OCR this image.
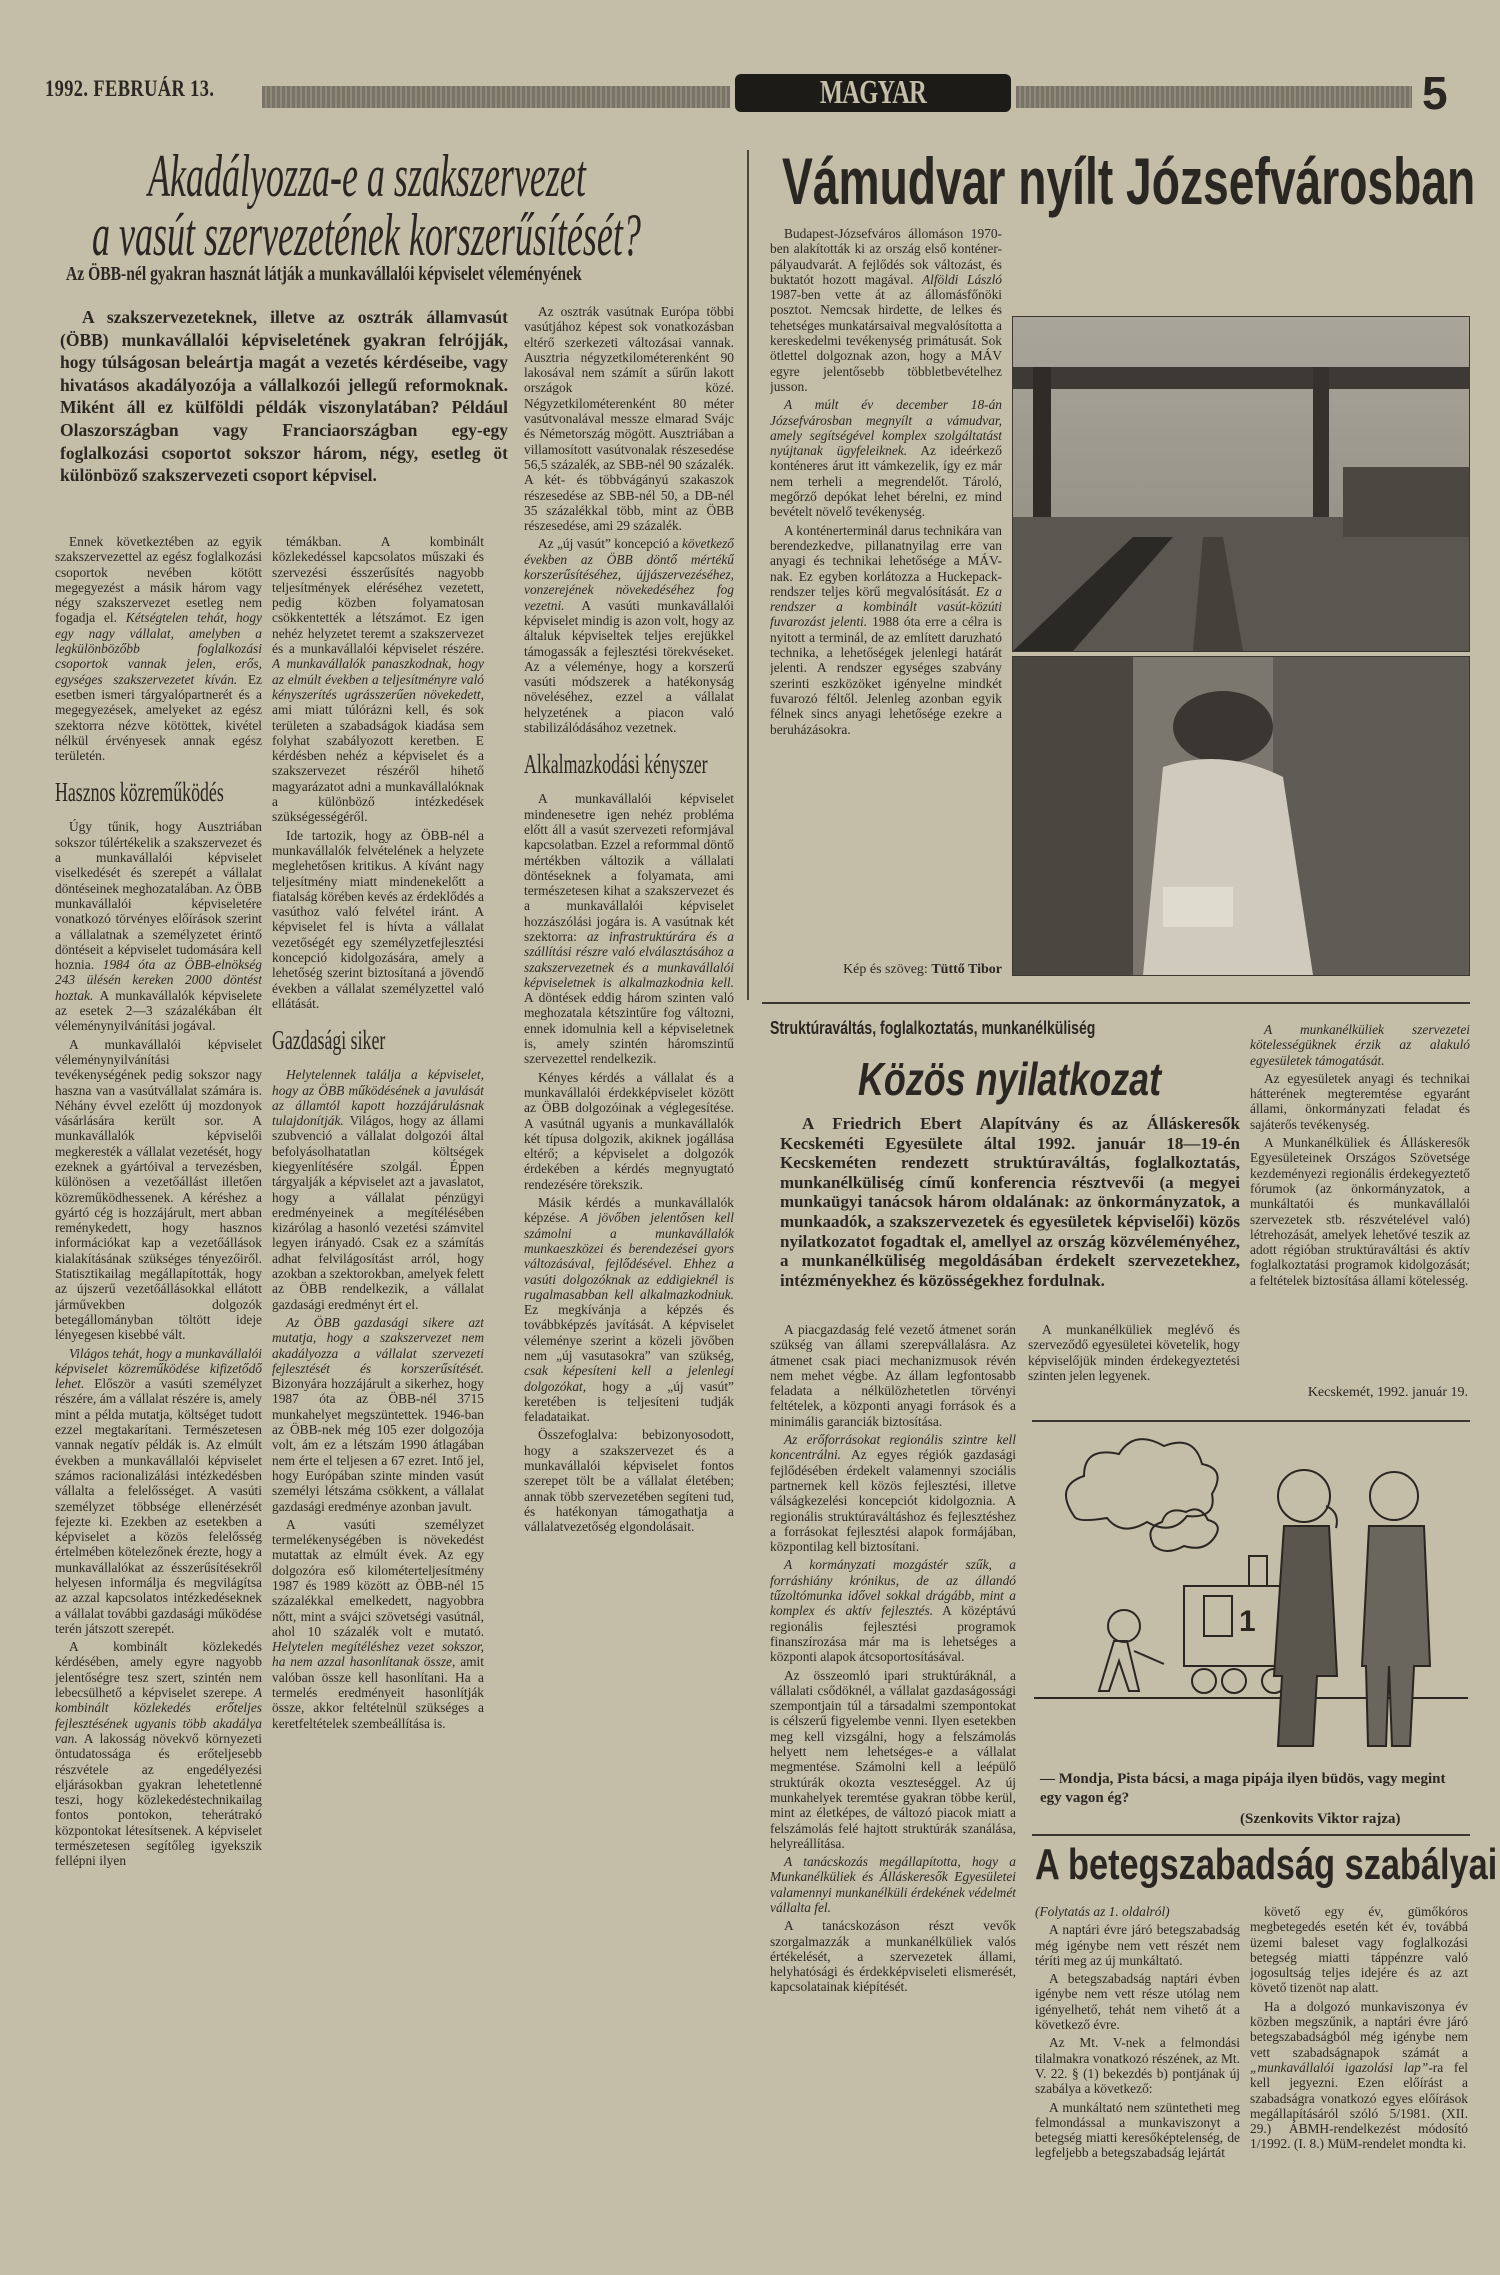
1992. FEBRUÁR 13.	MAGYAR VASUTAS
5
Akadályozza-e a szakszervezet
a vasút szervezetének korszerűsítését?
Az ÖBB-nél gyakran hasznát látják a munkavállalói képviselet véleményének
A szakszervezeteknek, illetve az osztrák államvasút (ÖBB) munkavállalói képviseletének gyakran felrójják, hogy túlságosan beleártja magát a vezetés kérdéseibe, vagy hivatásos akadályozója a vállalkozói jellegű reformoknak. Miként áll ez külföldi példák viszonylatában? Például Olaszországban vagy Franciaországban egy-egy foglalkozási csoportot sokszor három, négy, esetleg öt különböző szakszervezeti csoport képvisel.

Ennek következtében az egyik szakszervezettel az egész foglalkozási csoportok nevében kötött megegyezést a másik három vagy négy szakszervezet esetleg nem fogadja el. Kétségtelen tehát, hogy egy nagy vállalat, amelyben a legkülönbözőbb foglalkozási csoportok vannak jelen, erős, egységes szakszervezetet kíván. Ez esetben ismeri tárgyalópartnerét és a megegyezések, amelyeket az egész szektorra nézve kötöttek, kivétel nélkül érvényesek annak egész területén.

Hasznos közreműködés

Úgy tűnik, hogy Ausztriában sokszor túlértékelik a szakszervezet és a munkavállalói képviselet viselkedését és szerepét a vállalat döntéseinek meghozatalában. Az ÖBB munkavállalói képviseletére vonatkozó törvényes előírások szerint a vállalatnak a személyzetet érintő döntéseit a képviselet tudomására kell hoznia. 1984 óta az ÖBB-elnökség 243 ülésén kereken 2000 döntést hoztak. A munkavállalók képviselete az esetek 2—3 százalékában élt véleménynyilvánítási jogával.

A munkavállalói képviselet véleménynyilvánítási tevékenységének pedig sokszor nagy haszna van a vasútvállalat számára is. Néhány évvel ezelőtt új mozdonyok vásárlására került sor. A munkavállalók képviselői megkeresték a vállalat vezetését, hogy ezeknek a gyártóival a tervezésben, különösen a vezetőállást illetően közreműködhessenek. A kéréshez a gyártó cég is hozzájárult, mert abban reménykedett, hogy hasznos információkat kap a vezetőállások kialakításának szükséges tényezőiről. Statisztikailag megállapították, hogy az újszerű vezetőállásokkal ellátott járművekben dolgozók betegállományban töltött ideje lényegesen kisebbé vált.

Világos tehát, hogy a munkavállalói képviselet közreműködése kifizetődő lehet. Először a vasúti személyzet részére, ám a vállalat részére is, amely mint a példa mutatja, költséget tudott ezzel megtakarítani. Természetesen vannak negatív példák is. Az elmúlt években a munkavállalói képviselet számos racionalizálási intézkedésben vállalta a felelősséget. A vasúti személyzet többsége ellenérzését fejezte ki. Ezekben az esetekben a képviselet a közös felelősség értelmében kötelezőnek érezte, hogy a munkavállalókat az ésszerűsítésekről helyesen informálja és megvilágítsa az azzal kapcsolatos intézkedéseknek a vállalat további gazdasági működése terén játszott szerepét.

A kombinált közlekedés kérdésében, amely egyre nagyobb jelentőségre tesz szert, szintén nem lebecsülhető a képviselet szerepe. A kombinált közlekedés erőteljes fejlesztésének ugyanis több akadálya van. A lakosság növekvő környezeti öntudatossága és erőteljesebb részvétele az engedélyezési eljárásokban gyakran lehetetlenné teszi, hogy közlekedéstechnikailag fontos pontokon, teherátrakó központokat létesítsenek. A képviselet természetesen segítőleg igyekszik fellépni ilyen

témákban. A kombinált közlekedéssel kapcsolatos műszaki és szervezési ésszerűsítés nagyobb teljesítmények eléréséhez vezetett, pedig közben folyamatosan csökkentették a létszámot. Ez igen nehéz helyzetet teremt a szakszervezet és a munkavállalói képviselet részére. A munkavállalók panaszkodnak, hogy az elmúlt években a teljesítményre való kényszerítés ugrásszerűen növekedett, ami miatt túlórázni kell, és sok területen a szabadságok kiadása sem folyhat szabályozott keretben. E kérdésben nehéz a képviselet és a szakszervezet részéről hihető magyarázatot adni a munkavállalóknak a különböző intézkedések szükségességéről.

Ide tartozik, hogy az ÖBB-nél a munkavállalók felvételének a helyzete meglehetősen kritikus. A kívánt nagy teljesítmény miatt mindenekelőtt a fiatalság körében kevés az érdeklődés a vasúthoz való felvétel iránt. A képviselet fel is hívta a vállalat vezetőségét egy személyzetfejlesztési koncepció kidolgozására, amely a lehetőség szerint biztosítaná a jövendő években a vállalat személyzettel való ellátását.

Gazdasági siker

Helytelennek találja a képviselet, hogy az ÖBB működésének a javulását az államtól kapott hozzájárulásnak tulajdonítják. Világos, hogy az állami szubvenció a vállalat dolgozói által befolyásolhatatlan költségek kiegyenlítésére szolgál. Éppen tárgyalják a képviselet azt a javaslatot, hogy a vállalat pénzügyi eredményeinek a megítélésében kizárólag a hasonló vezetési számvitel legyen irányadó. Csak ez a számítás adhat felvilágosítást arról, hogy azokban a szektorokban, amelyek felett az ÖBB rendelkezik, a vállalat gazdasági eredményt ért el.

Az ÖBB gazdasági sikere azt mutatja, hogy a szakszervezet nem akadályozza a vállalat szervezeti fejlesztését és korszerűsítését. Bizonyára hozzájárult a sikerhez, hogy 1987 óta az ÖBB-nél 3715 munkahelyet megszüntettek. 1946-ban az ÖBB-nek még 105 ezer dolgozója volt, ám ez a létszám 1990 átlagában nem érte el teljesen a 67 ezret. Intő jel, hogy Európában szinte minden vasút személyi létszáma csökkent, a vállalat gazdasági eredménye azonban javult.

A vasúti személyzet termelékenységében is növekedést mutattak az elmúlt évek. Az egy dolgozóra eső kilométerteljesítmény 1987 és 1989 között az ÖBB-nél 15 százalékkal emelkedett, nagyobbra nőtt, mint a svájci szövetségi vasútnál, ahol 10 százalék volt e mutató. Helytelen megítéléshez vezet sokszor, ha nem azzal hasonlítanak össze, amit valóban össze kell hasonlítani. Ha a termelés eredményeit hasonlítják össze, akkor feltételnül szükséges a keretfeltételek szembeállítása is.

Az osztrák vasútnak Európa többi vasútjához képest sok vonatkozásban eltérő szerkezeti változásai vannak. Ausztria négyzetkilométerenként 90 lakosával nem számít a sűrűn lakott országok közé. Négyzetkilométerenként 80 méter vasútvonalával messze elmarad Svájc és Németország mögött. Ausztriában a villamosított vasútvonalak részesedése 56,5 százalék, az SBB-nél 90 százalék. A két- és többvágányú szakaszok részesedése az SBB-nél 50, a DB-nél 35 százalékkal több, mint az ÖBB részesedése, ami 29 százalék.

Az „új vasút” koncepció a következő években az ÖBB döntő mértékű korszerűsítéséhez, újjászervezéséhez, vonzerejének növekedéséhez fog vezetni. A vasúti munkavállalói képviselet mindig is azon volt, hogy az általuk képviseltek teljes erejükkel támogassák a fejlesztési törekvéseket. Az a véleménye, hogy a korszerű vasúti módszerek a hatékonyság növeléséhez, ezzel a vállalat helyzetének a piacon való stabilizálódásához vezetnek.

Alkalmazkodási kényszer

A munkavállalói képviselet mindenesetre igen nehéz probléma előtt áll a vasút szervezeti reformjával kapcsolatban. Ezzel a reformmal döntő mértékben változik a vállalati döntéseknek a folyamata, ami természetesen kihat a szakszervezet és a munkavállalói képviselet hozzászólási jogára is. A vasútnak két szektorra: az infrastruktúrára és a szállítási részre való elválasztásához a szakszervezetnek és a munkavállalói képviseletnek is alkalmazkodnia kell. A döntések eddig három szinten való meghozatala kétszintűre fog változni, ennek idomulnia kell a képviseletnek is, amely szintén háromszintű szervezettel rendelkezik.

Kényes kérdés a vállalat és a munkavállalói érdekképviselet között az ÖBB dolgozóinak a véglegesítése. A vasútnál ugyanis a munkavállalók két típusa dolgozik, akiknek jogállása eltérő; a képviselet a dolgozók érdekében a kérdés megnyugtató rendezésére törekszik.

Másik kérdés a munkavállalók képzése. A jövőben jelentősen kell számolni a munkavállalók munkaeszközei és berendezései gyors változásával, fejlődésével. Ehhez a vasúti dolgozóknak az eddigieknél is rugalmasabban kell alkalmazkodniuk. Ez megkívánja a képzés és továbbképzés javítását. A képviselet véleménye szerint a közeli jövőben nem „új vasutasokra” van szükség, csak képesíteni kell a jelenlegi dolgozókat, hogy a „új vasút” keretében is teljesíteni tudják feladataikat.

Összefoglalva: bebizonyosodott, hogy a szakszervezet és a munkavállalói képviselet fontos szerepet tölt be a vállalat életében; annak több szervezetében segíteni tud, és hatékonyan támogathatja a vállalatvezetőség elgondolásait.

Vámudvar nyílt Józsefvárosban

Budapest-Józsefváros állomáson 1970-ben alakították ki az ország első konténer-pályaudvarát. A fejlődés sok változást, és buktatót hozott magával. Alföldi László 1987-ben vette át az állomásfőnöki posztot. Nemcsak hirdette, de lelkes és tehetséges munkatársaival megvalósította a kereskedelmi tevékenység primátusát. Sok ötlettel dolgoznak azon, hogy a MÁV egyre jelentősebb többletbevételhez jusson.

A múlt év december 18-án Józsefvárosban megnyílt a vámudvar, amely segítségével komplex szolgáltatást nyújtanak ügyfeleiknek. Az ideérkező konténeres árut itt vámkezelik, így ez már nem terheli a megrendelőt. Tároló, megőrző depókat lehet bérelni, ez mind bevételt növelő tevékenység.

A konténerterminál darus technikára van berendezkedve, pillanatnyilag erre van anyagi és technikai lehetősége a MÁV-nak. Ez egyben korlátozza a Huckepack-rendszer teljes körű megvalósítását. Ez a rendszer a kombinált vasút-közúti fuvarozást jelenti. 1988 óta erre a célra is nyitott a terminál, de az említett daruzható technika, a lehetőségek jelenlegi határát jelenti. A rendszer egységes szabvány szerinti eszközöket igényelne mindkét fuvarozó féltől. Jelenleg azonban egyik félnek sincs anyagi lehetősége ezekre a beruházásokra.

Kép és szöveg: Tüttő Tibor
Struktúraváltás, foglalkoztatás, munkanélküliség
Közös nyilatkozat
A Friedrich Ebert Alapítvány és az Álláskeresők Kecskeméti Egyesülete által 1992. január 18—19-én Kecskeméten rendezett struktúraváltás, foglalkoztatás, munkanélküliség című konferencia résztvevői (a megyei munkaügyi tanácsok három oldalának: az önkormányzatok, a munkaadók, a szakszervezetek és egyesületek képviselői) közös nyilatkozatot fogadtak el, amellyel az ország közvéleményéhez, a munkanélküliség megoldásában érdekelt szervezetekhez, intézményekhez és közösségekhez fordulnak.

A piacgazdaság felé vezető átmenet során szükség van állami szerepvállalásra. Az átmenet csak piaci mechanizmusok révén nem mehet végbe. Az állam legfontosabb feladata a nélkülözhetetlen törvényi feltételek, a központi anyagi források és a minimális garanciák biztosítása.

Az erőforrásokat regionális szintre kell koncentrálni. Az egyes régiók gazdasági fejlődésében érdekelt valamennyi szociális partnernek kell közös fejlesztési, illetve válságkezelési koncepciót kidolgoznia. A regionális struktúraváltáshoz és fejlesztéshez a forrásokat fejlesztési alapok formájában, központilag kell biztosítani.

A kormányzati mozgástér szűk, a forráshiány krónikus, de az állandó tűzoltómunka idővel sokkal drágább, mint a komplex és aktív fejlesztés. A középtávú regionális fejlesztési programok finanszírozása már ma is lehetséges a központi alapok átcsoportosításával.

Az összeomló ipari struktúráknál, a vállalati csődöknél, a vállalat gazdaságossági szempontjain túl a társadalmi szempontokat is célszerű figyelembe venni. Ilyen esetekben meg kell vizsgálni, hogy a felszámolás helyett nem lehetséges-e a vállalat megmentése. Számolni kell a leépülő struktúrák okozta veszteséggel. Az új munkahelyek teremtése gyakran többe kerül, mint az életképes, de változó piacok miatt a felszámolás felé hajtott struktúrák szanálása, helyreállítása.

A tanácskozás megállapította, hogy a Munkanélküliek és Álláskeresők Egyesületei valamennyi munkanélküli érdekének védelmét vállalta fel.

A tanácskozáson részt vevők szorgalmazzák a munkanélküliek valós értékelését, a szervezetek állami, helyhatósági és érdekképviseleti elismerését, kapcsolatainak kiépítését.

A munkanélküliek meglévő és szerveződő egyesületei követelik, hogy képviselőjük minden érdekegyeztetési szinten jelen legyenek.

A munkanélküliek szervezetei kötelességüknek érzik az alakuló egyesületek támogatását.

Az egyesületek anyagi és technikai hátterének megteremtése egyaránt állami, önkormányzati feladat és sajáterős tevékenység.

A Munkanélküliek és Álláskeresők Egyesületeinek Országos Szövetsége kezdeményezi regionális érdekegyeztető fórumok (az önkormányzatok, a munkáltatói és munkavállalói szervezetek stb. részvételével való) létrehozását, amelyek lehetővé teszik az adott régióban struktúraváltási és aktív foglalkoztatási programok kidolgozását; a feltételek biztosítása állami kötelesség.

Kecskemét, 1992. január 19.
1
— Mondja, Pista bácsi, a maga pipája ilyen büdös, vagy megint egy vagon ég?
(Szenkovits Viktor rajza)
A betegszabadság szabályai
(Folytatás az 1. oldalról)

A naptári évre járó betegszabadság még igénybe nem vett részét nem téríti meg az új munkáltató.

A betegszabadság naptári évben igénybe nem vett része utólag nem igényelhető, tehát nem vihető át a következő évre.

Az Mt. V-nek a felmondási tilalmakra vonatkozó részének, az Mt. V. 22. § (1) bekezdés b) pontjának új szabálya a következő:

A munkáltató nem szüntetheti meg felmondással a munkaviszonyt a betegség miatti keresőképtelenség, de legfeljebb a betegszabadság lejártát

követő egy év, gümőkóros megbetegedés esetén két év, továbbá üzemi baleset vagy foglalkozási betegség miatti táppénzre való jogosultság teljes idejére és az azt követő tizenöt nap alatt.

Ha a dolgozó munkaviszonya év közben megszűnik, a naptári évre járó betegszabadságból még igénybe nem vett szabadságnapok számát a „munkavállalói igazolási lap”-ra fel kell jegyezni. Ezen előírást a szabadságra vonatkozó egyes előírások megállapításáról szóló 5/1981. (XII. 29.) ÁBMH-rendelkezést módosító 1/1992. (I. 8.) MüM-rendelet mondta ki.
